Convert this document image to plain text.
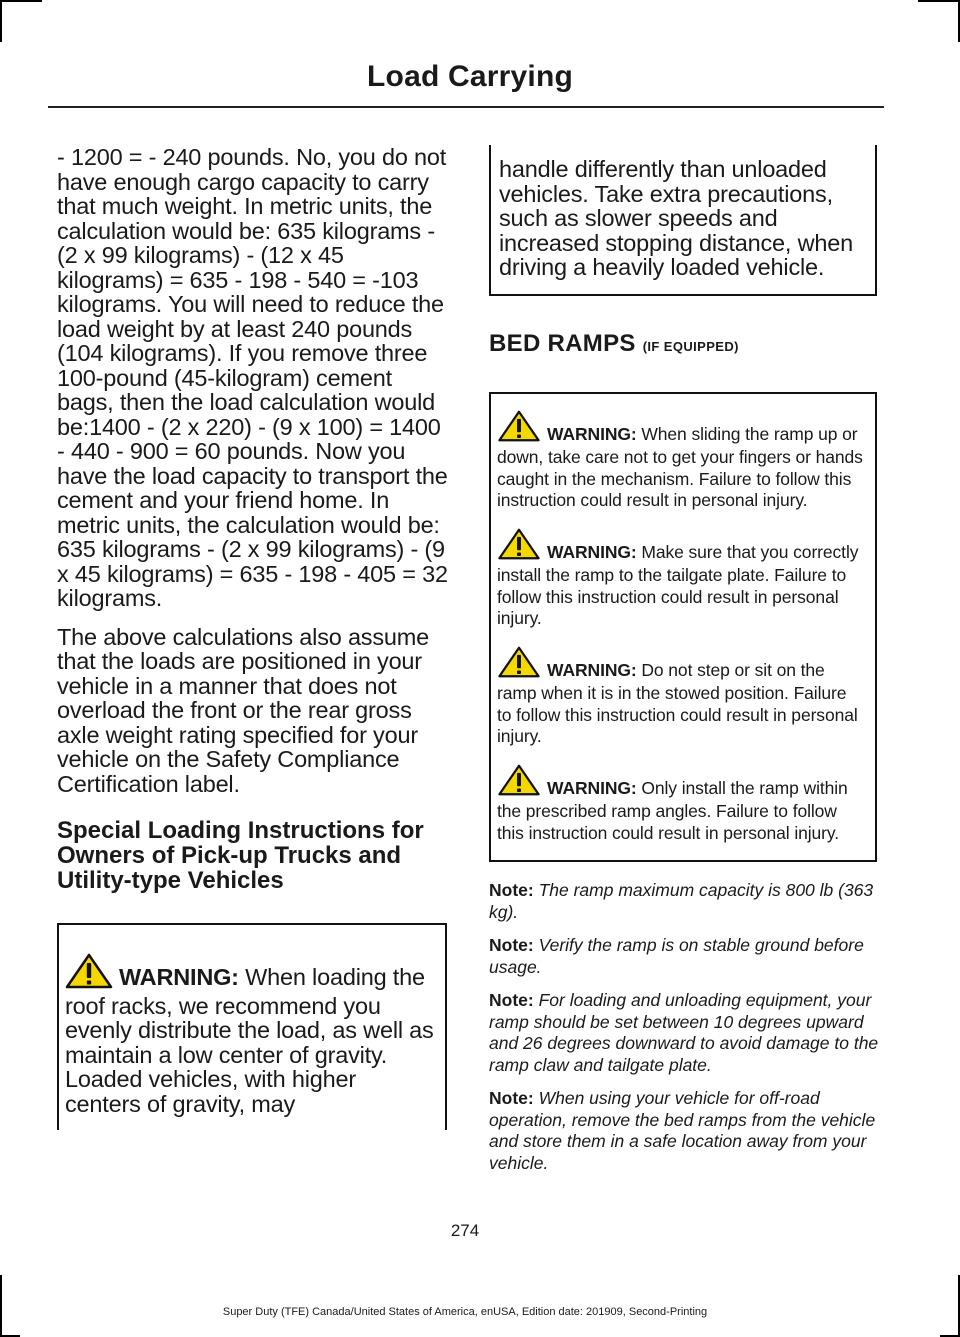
Load Carrying

- 1200 = - 240 pounds. No, you do not have enough cargo capacity to carry that much weight. In metric units, the calculation would be: 635 kilograms - (2 x 99 kilograms) - (12 x 45 kilograms) = 635 - 198 - 540 = -103 kilograms. You will need to reduce the load weight by at least 240 pounds (104 kilograms). If you remove three 100-pound (45-kilogram) cement bags, then the load calculation would be:1400 - (2 x 220) - (9 x 100) = 1400 - 440 - 900 = 60 pounds. Now you have the load capacity to transport the cement and your friend home. In metric units, the calculation would be: 635 kilograms - (2 x 99 kilograms) - (9 x 45 kilograms) = 635 - 198 - 405 = 32 kilograms.

The above calculations also assume that the loads are positioned in your vehicle in a manner that does not overload the front or the rear gross axle weight rating specified for your vehicle on the Safety Compliance Certification label.

Special Loading Instructions for Owners of Pick-up Trucks and Utility-type Vehicles

WARNING: When loading the roof racks, we recommend you evenly distribute the load, as well as maintain a low center of gravity. Loaded vehicles, with higher centers of gravity, may

handle differently than unloaded vehicles. Take extra precautions, such as slower speeds and increased stopping distance, when driving a heavily loaded vehicle.

BED RAMPS (IF EQUIPPED)

WARNING: When sliding the ramp up or down, take care not to get your fingers or hands caught in the mechanism. Failure to follow this instruction could result in personal injury.

WARNING: Make sure that you correctly install the ramp to the tailgate plate. Failure to follow this instruction could result in personal injury.

WARNING: Do not step or sit on the ramp when it is in the stowed position. Failure to follow this instruction could result in personal injury.

WARNING: Only install the ramp within the prescribed ramp angles. Failure to follow this instruction could result in personal injury.

Note: The ramp maximum capacity is 800 lb (363 kg).

Note: Verify the ramp is on stable ground before usage.

Note: For loading and unloading equipment, your ramp should be set between 10 degrees upward and 26 degrees downward to avoid damage to the ramp claw and tailgate plate.

Note: When using your vehicle for off-road operation, remove the bed ramps from the vehicle and store them in a safe location away from your vehicle.

274
Super Duty (TFE) Canada/United States of America, enUSA, Edition date: 201909, Second-Printing
